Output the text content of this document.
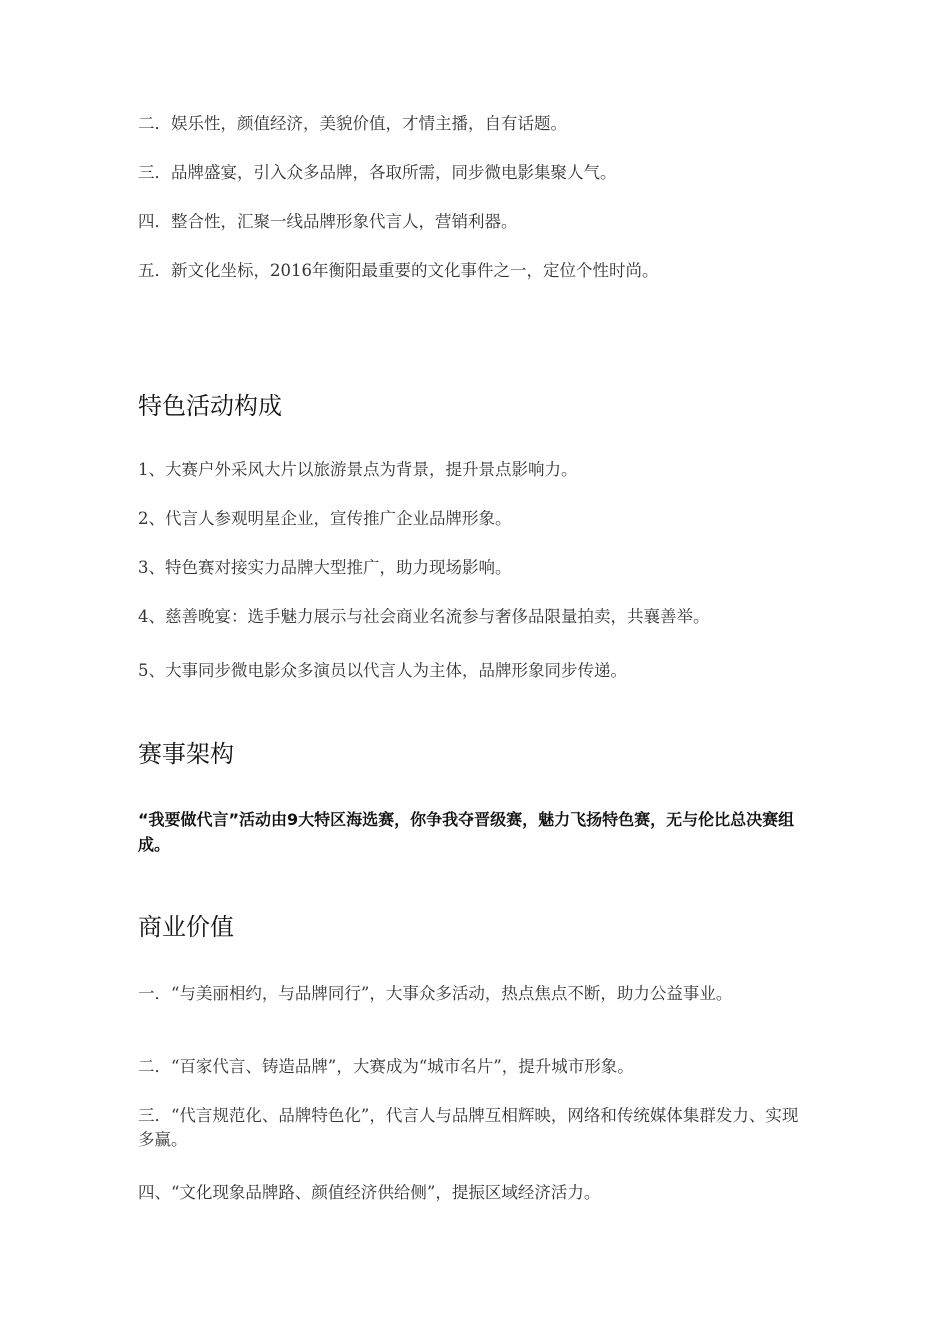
二．娱乐性，颜值经济，美貌价值，才情主播，自有话题。
三．品牌盛宴，引入众多品牌，各取所需，同步微电影集聚人气。
四．整合性，汇聚一线品牌形象代言人，营销利器。
五．新文化坐标，2016年衡阳最重要的文化事件之一，定位个性时尚。
特色活动构成
1、大赛户外采风大片以旅游景点为背景，提升景点影响力。
2、代言人参观明星企业，宣传推广企业品牌形象。
3、特色赛对接实力品牌大型推广，助力现场影响。
4、慈善晚宴：选手魅力展示与社会商业名流参与奢侈品限量拍卖，共襄善举。
5、大事同步微电影众多演员以代言人为主体，品牌形象同步传递。
赛事架构
“我要做代言”活动由9大特区海选赛，你争我夺晋级赛，魅力飞扬特色赛，无与伦比总决赛组成。
商业价值
一．“与美丽相约，与品牌同行”，大事众多活动，热点焦点不断，助力公益事业。
二．“百家代言、铸造品牌”，大赛成为“城市名片”，提升城市形象。
三．“代言规范化、品牌特色化”，代言人与品牌互相辉映，网络和传统媒体集群发力、实现多赢。
四、“文化现象品牌路、颜值经济供给侧”，提振区域经济活力。
